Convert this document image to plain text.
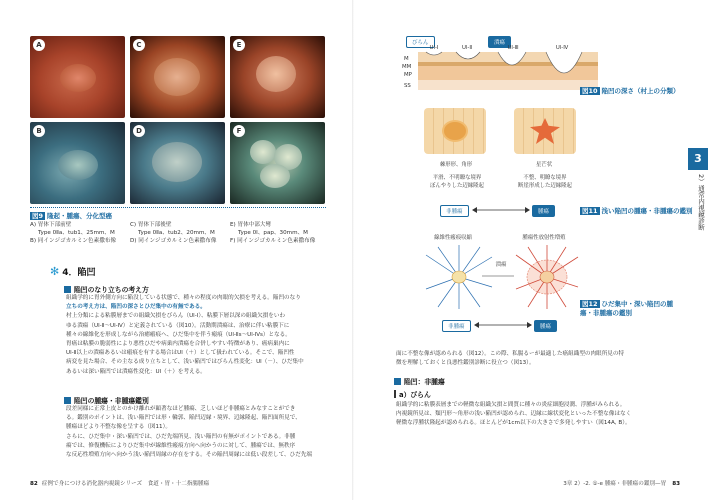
A	C	E
B	D	F
図9 隆起・腫瘍、分化型癌
A) 胃体下部前壁
Type 0Ⅱa、tub1、25mm、M
B) 同インジゴカルミン色素撒布像
C) 胃体下部後壁
Type 0Ⅱa、tub2、20mm、M
D) 同インジゴカルミン色素撒布像
E) 胃体中部大彎
Type 0Ⅰ、pap、30mm、M
F) 同インジゴカルミン色素撒布像
✻ 4．陥凹
陥凹のなり立ちの考え方
組織学的に胃外側方向に陥没している状態で、種々の程度の肉眼的欠損を考える。陥凹のなり
立ちの考え方は、陥凹の深さとひだ集中の有無である。
村上分類による粘膜層までの組織欠損をびらん（Ul-Ⅰ）、粘膜下層以深の組織欠損をいわ
ゆる潰瘍（Ul-Ⅱ～Ul-Ⅳ）と定義されている（図10）。活動期潰瘍は、治療に伴い粘膜下に
種々の線維化を形成しながら治癒瘢痕へ、ひだ集中を伴う瘢痕（Ul-Ⅱs～Ul-Ⅳs）となる。
胃癌は粘膜の脆弱性により悪性ひだや病巣内潰瘍を合併しやすい特徴があり、癌病巣内に
Ul-Ⅱ以上の潰瘍あるいは瘢痕を有する場合はUl（＋）として扱われている。そこで、陥凹性
病変を見た場合、その主なる成り立ちとして、浅い陥凹ではびらん性変化：Ul（－）、ひだ集中
あるいは深い陥凹では潰瘍性変化：Ul（＋）を考える。
陥凹の腫瘍・非腫瘍鑑別
段差同様に正常上皮とのかけ離れが顕著なほど腫瘍、乏しいほど非腫瘍とみなすことができ
る。鑑別のポイントは、浅い陥凹では形・輪郭、陥凹辺縁・境界、辺縁隆起、陥凹面所見で、
腫瘍ほどより不整な像を呈する（図11）。
さらに、ひだ集中・深い陥凹では、ひだ先端所見、浅い陥凹の有無がポイントである。非腫
瘍では、修復機転によりひだ集中が線維性瘢痕方向へ向かうのに対して、腫瘍では、無秩序
な反応性増殖方向へ向かう浅い陥凹周縁の存在をする。その陥凹周縁には低い段差して、ひだ先端
82 症例で身につける消化器内視鏡シリーズ　食道・胃・十二指腸腫瘍
びらん	潰瘍
Ul-Ⅰ	Ul-Ⅱ	Ul-Ⅲ	Ul-Ⅳ
M
MM
MP
SS
図10 陥凹の深さ（村上の分類）
棘形形、角形	星芒状
平滑、不明瞭な境界
ぼんやりした辺縁隆起
不整、明瞭な境界
断崖形成した辺縁隆起
非腫瘍	腫瘍	図11 浅い陥凹の腫瘍・非腫瘍の鑑別
線維性瘢痕収縮	腫瘍性放射性増殖
潰瘍
非腫瘍	腫瘍
図12 ひだ集中・深い陥凹の腫瘍・非腫瘍の鑑別
3
2）通常内視鏡診断
面に不整な像が認められる（図12）。この際、私腸るーが最適した癌組織型の肉眼所見の特
徴を理解しておくと良悪性鑑別診断に役立つ（図13）。
陥凹：非腫瘍
a）びらん
組織学的に粘膜表層までの軽微な組織欠損と間質に種々の炎症細胞浸潤、浮腫がみられる。
内視鏡所見は、類円形～角形の浅い陥凹が認められ、辺縁に線状変化といった不整な像はなく
軽微な浮腫状隆起が認められる。ほとんどが1cm以下の大きさで多発しやすい（図14A, B）。
3章 2）-2. ①-e 腫瘍・非腫瘍の鑑別—胃 83
